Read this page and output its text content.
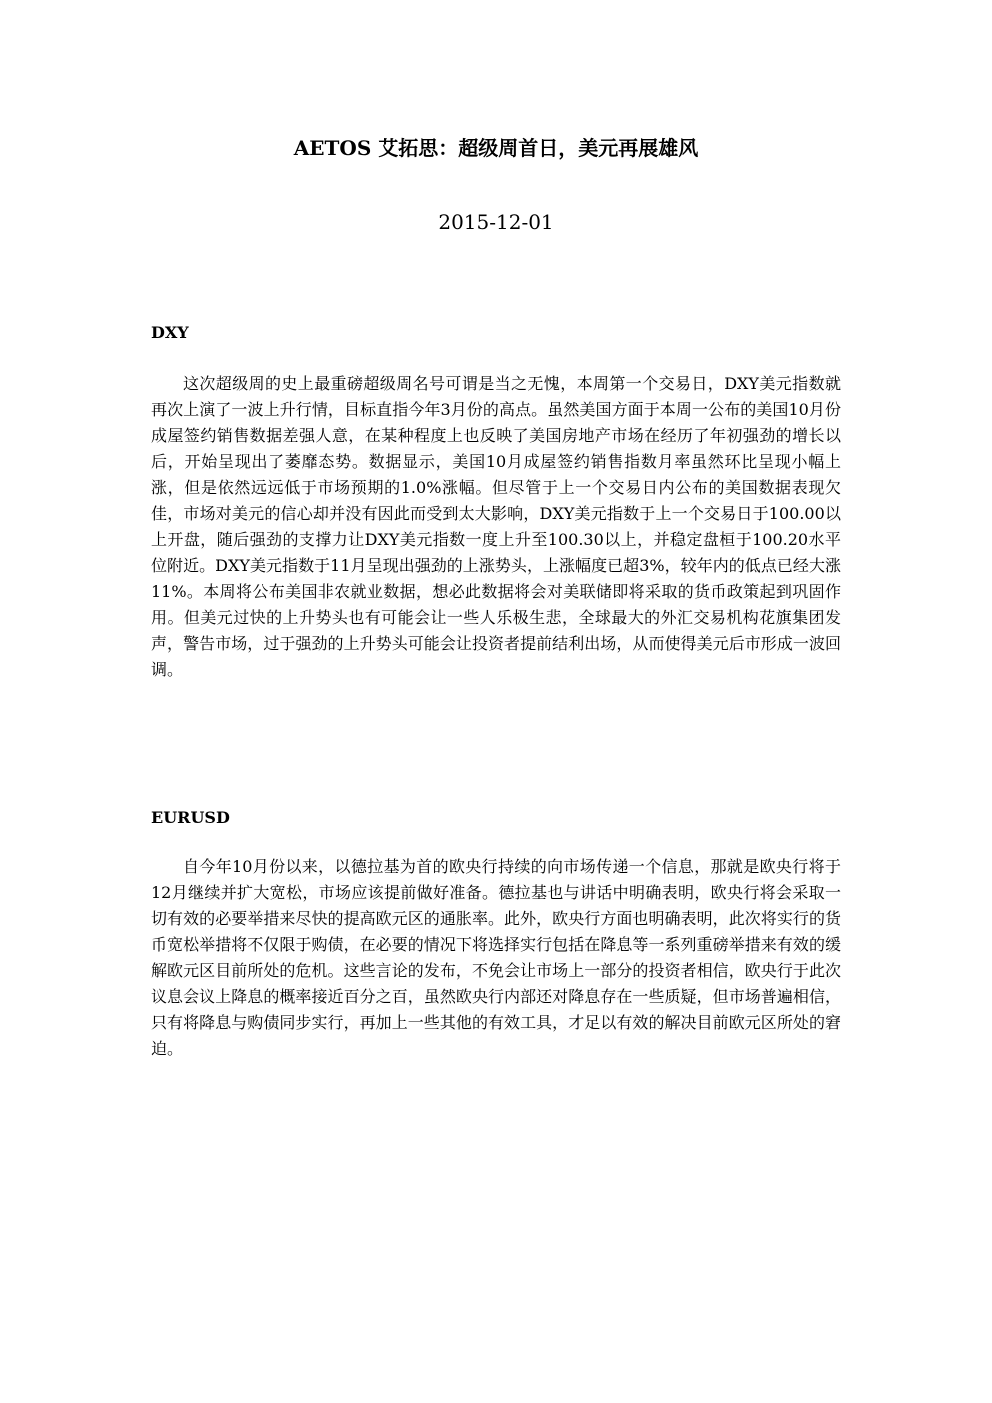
AETOS 艾拓思：超级周首日，美元再展雄风
2015-12-01
DXY
这次超级周的史上最重磅超级周名号可谓是当之无愧，本周第一个交易日，DXY美元指数就再次上演了一波上升行情，目标直指今年3月份的高点。虽然美国方面于本周一公布的美国10月份成屋签约销售数据差强人意，在某种程度上也反映了美国房地产市场在经历了年初强劲的增长以后，开始呈现出了萎靡态势。数据显示，美国10月成屋签约销售指数月率虽然环比呈现小幅上涨，但是依然远远低于市场预期的1.0%涨幅。但尽管于上一个交易日内公布的美国数据表现欠佳，市场对美元的信心却并没有因此而受到太大影响，DXY美元指数于上一个交易日于100.00以上开盘，随后强劲的支撑力让DXY美元指数一度上升至100.30以上，并稳定盘桓于100.20水平位附近。DXY美元指数于11月呈现出强劲的上涨势头，上涨幅度已超3%，较年内的低点已经大涨11%。本周将公布美国非农就业数据，想必此数据将会对美联储即将采取的货币政策起到巩固作用。但美元过快的上升势头也有可能会让一些人乐极生悲，全球最大的外汇交易机构花旗集团发声，警告市场，过于强劲的上升势头可能会让投资者提前结利出场，从而使得美元后市形成一波回调。
EURUSD
自今年10月份以来，以德拉基为首的欧央行持续的向市场传递一个信息，那就是欧央行将于12月继续并扩大宽松，市场应该提前做好准备。德拉基也与讲话中明确表明，欧央行将会采取一切有效的必要举措来尽快的提高欧元区的通胀率。此外，欧央行方面也明确表明，此次将实行的货币宽松举措将不仅限于购债，在必要的情况下将选择实行包括在降息等一系列重磅举措来有效的缓解欧元区目前所处的危机。这些言论的发布，不免会让市场上一部分的投资者相信，欧央行于此次议息会议上降息的概率接近百分之百，虽然欧央行内部还对降息存在一些质疑，但市场普遍相信，只有将降息与购债同步实行，再加上一些其他的有效工具，才足以有效的解决目前欧元区所处的窘迫。
